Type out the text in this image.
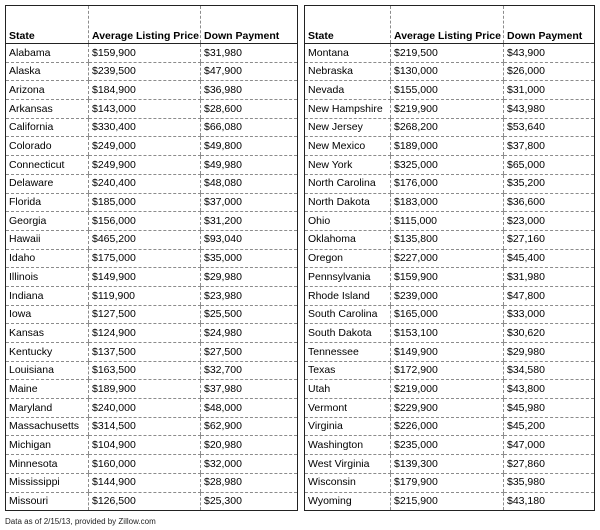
State	Average Listing Price	Down Payment
Alabama	$159,900	$31,980
Alaska	$239,500	$47,900
Arizona	$184,900	$36,980
Arkansas	$143,000	$28,600
California	$330,400	$66,080
Colorado	$249,000	$49,800
Connecticut	$249,900	$49,980
Delaware	$240,400	$48,080
Florida	$185,000	$37,000
Georgia	$156,000	$31,200
Hawaii	$465,200	$93,040
Idaho	$175,000	$35,000
Illinois	$149,900	$29,980
Indiana	$119,900	$23,980
Iowa	$127,500	$25,500
Kansas	$124,900	$24,980
Kentucky	$137,500	$27,500
Louisiana	$163,500	$32,700
Maine	$189,900	$37,980
Maryland	$240,000	$48,000
Massachusetts	$314,500	$62,900
Michigan	$104,900	$20,980
Minnesota	$160,000	$32,000
Mississippi	$144,900	$28,980
Missouri	$126,500	$25,300
State	Average Listing Price	Down Payment
Montana	$219,500	$43,900
Nebraska	$130,000	$26,000
Nevada	$155,000	$31,000
New Hampshire	$219,900	$43,980
New Jersey	$268,200	$53,640
New Mexico	$189,000	$37,800
New York	$325,000	$65,000
North Carolina	$176,000	$35,200
North Dakota	$183,000	$36,600
Ohio	$115,000	$23,000
Oklahoma	$135,800	$27,160
Oregon	$227,000	$45,400
Pennsylvania	$159,900	$31,980
Rhode Island	$239,000	$47,800
South Carolina	$165,000	$33,000
South Dakota	$153,100	$30,620
Tennessee	$149,900	$29,980
Texas	$172,900	$34,580
Utah	$219,000	$43,800
Vermont	$229,900	$45,980
Virginia	$226,000	$45,200
Washington	$235,000	$47,000
West Virginia	$139,300	$27,860
Wisconsin	$179,900	$35,980
Wyoming	$215,900	$43,180
Data as of 2/15/13, provided by Zillow.com
